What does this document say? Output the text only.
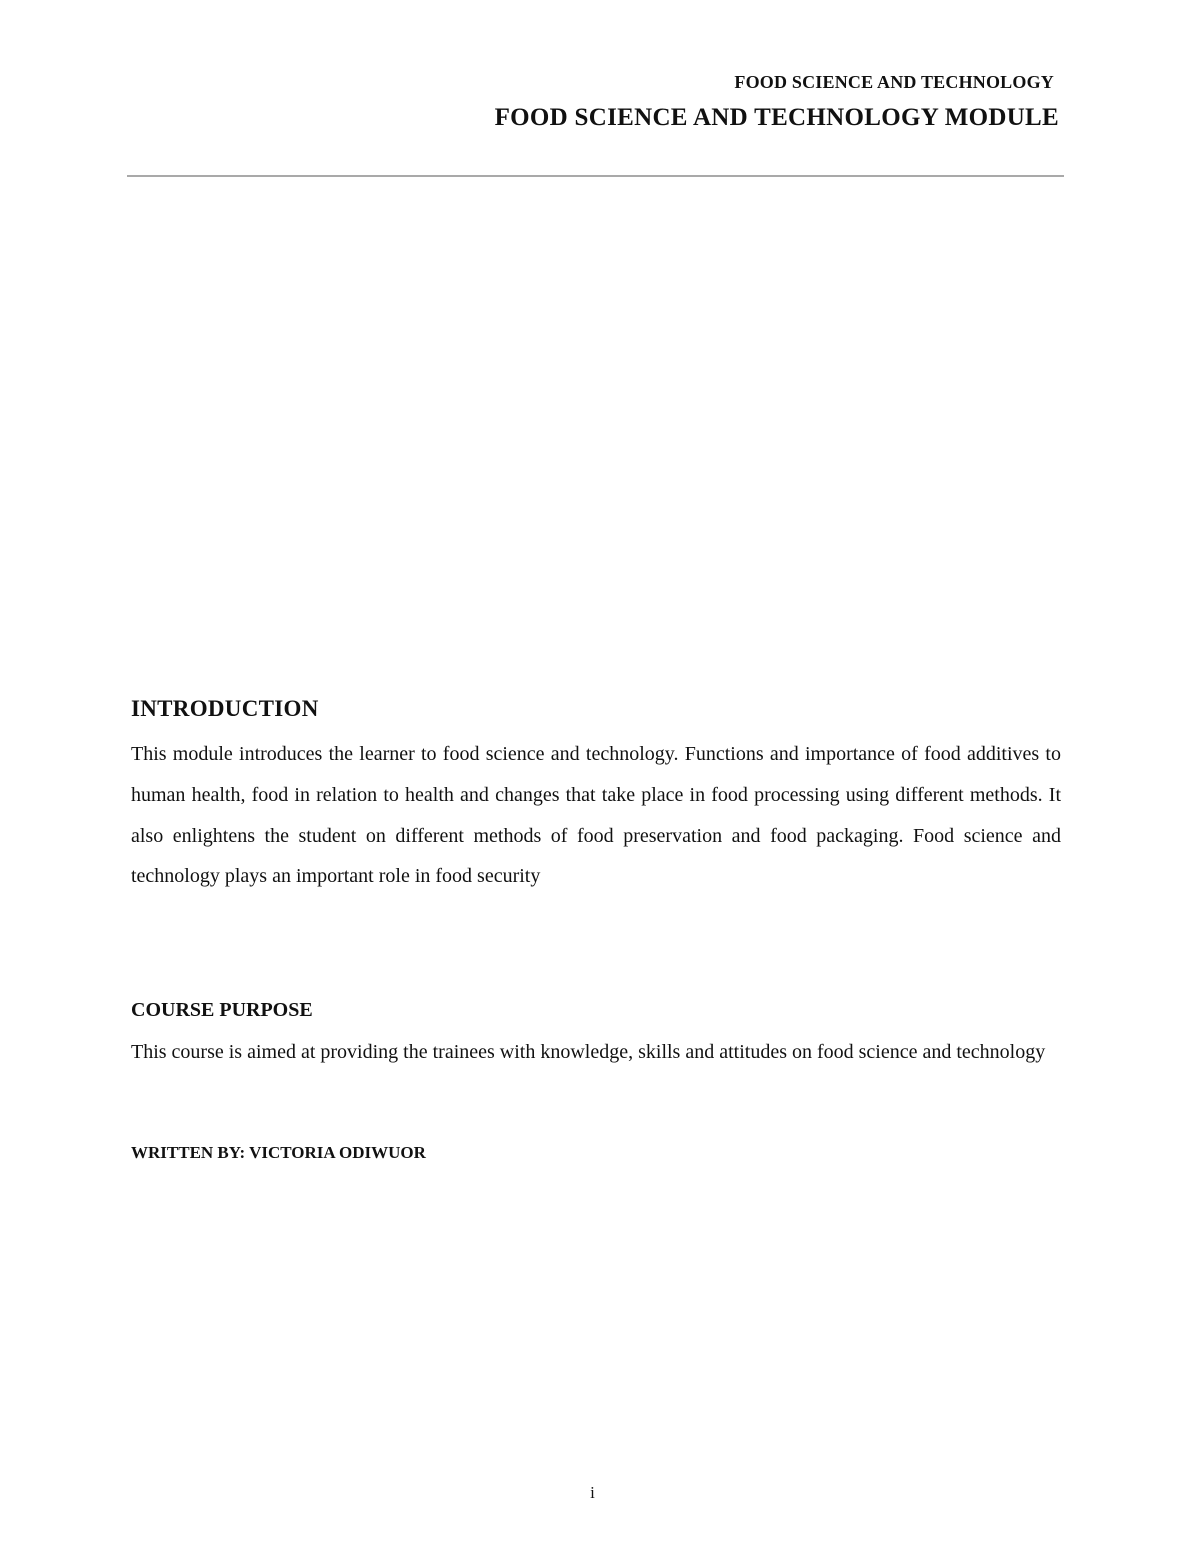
FOOD SCIENCE AND TECHNOLOGY
FOOD SCIENCE AND TECHNOLOGY MODULE
INTRODUCTION

This module introduces the learner to food science and technology. Functions and importance of food additives to human health, food in relation to health and changes that take place in food processing using different methods. It also enlightens the student on different methods of food preservation and food packaging. Food science and technology plays an important role in food security

COURSE PURPOSE

This course is aimed at providing the trainees with knowledge, skills and attitudes on food science and technology

WRITTEN BY: VICTORIA ODIWUOR

i
